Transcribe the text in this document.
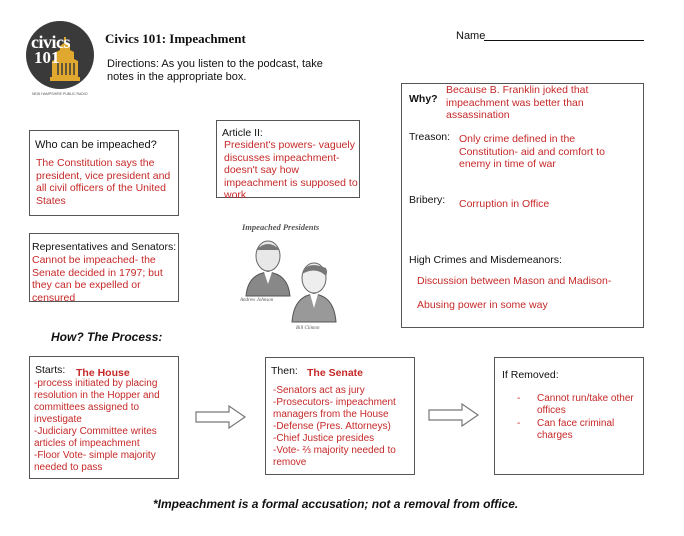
civics
101
NEW HAMPSHIRE PUBLIC RADIO
Civics 101: Impeachment	Name
Directions: As you listen to the podcast, take
notes in the appropriate box.
Who can be impeached?
The Constitution says the president, vice president and all civil officers of the United States
Representatives and Senators:
Cannot be impeached- the Senate decided in 1797; but they can be expelled or censured
Article II:
President's powers- vaguely discusses impeachment- doesn't say how impeachment is supposed to work
Impeached Presidents
Andrew Johnson
Bill Clinton
Why?
Because B. Franklin joked that impeachment was better than assassination
Treason: Only crime defined in the Constitution- aid and comfort to enemy in time of war
Bribery: Corruption in Office
High Crimes and Misdemeanors:
Discussion between Mason and Madison-
Abusing power in some way
How? The Process:
Starts: The House
-process initiated by placing resolution in the Hopper and committees assigned to investigate
-Judiciary Committee writes articles of impeachment
-Floor Vote- simple majority needed to pass
Then: The Senate
-Senators act as jury
-Prosecutors- impeachment managers from the House
-Defense (Pres. Attorneys)
-Chief Justice presides
-Vote- ⅔ majority needed to remove
If Removed:
- Cannot run/take other offices
- Can face criminal charges
*Impeachment is a formal accusation; not a removal from office.
